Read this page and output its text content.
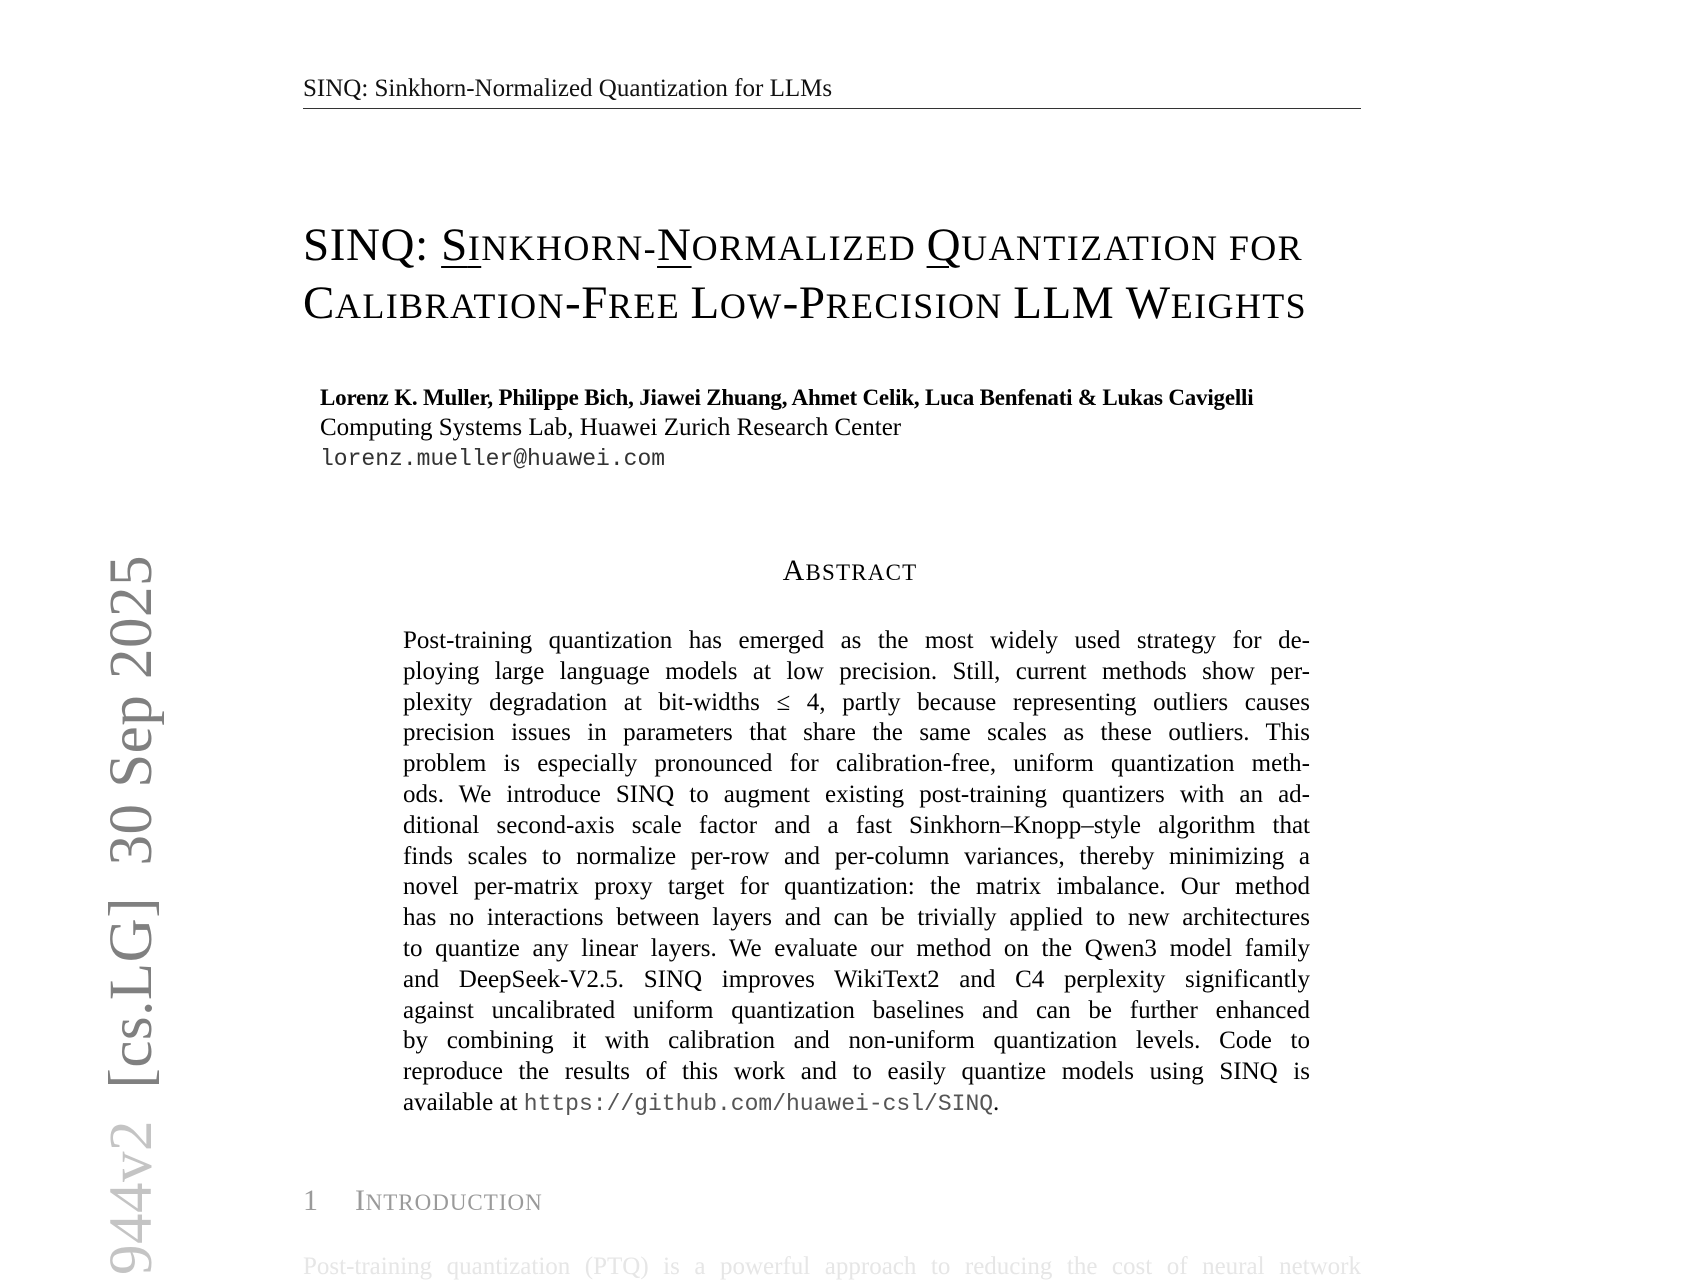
SINQ: Sinkhorn-Normalized Quantization for LLMs
SINQ: SINKHORN-NORMALIZED QUANTIZATION FOR
CALIBRATION-FREE LOW-PRECISION LLM WEIGHTS
Lorenz K. Muller, Philippe Bich, Jiawei Zhuang, Ahmet Celik, Luca Benfenati & Lukas Cavigelli
Computing Systems Lab, Huawei Zurich Research Center
lorenz.mueller@huawei.com
ABSTRACT
Post-training quantization has emerged as the most widely used strategy for de-
ploying large language models at low precision. Still, current methods show per-
plexity degradation at bit-widths ≤ 4, partly because representing outliers causes
precision issues in parameters that share the same scales as these outliers. This
problem is especially pronounced for calibration-free, uniform quantization meth-
ods. We introduce SINQ to augment existing post-training quantizers with an ad-
ditional second-axis scale factor and a fast Sinkhorn–Knopp–style algorithm that
finds scales to normalize per-row and per-column variances, thereby minimizing a
novel per-matrix proxy target for quantization: the matrix imbalance. Our method
has no interactions between layers and can be trivially applied to new architectures
to quantize any linear layers. We evaluate our method on the Qwen3 model family
and DeepSeek-V2.5. SINQ improves WikiText2 and C4 perplexity significantly
against uncalibrated uniform quantization baselines and can be further enhanced
by combining it with calibration and non-uniform quantization levels. Code to
reproduce the results of this work and to easily quantize models using SINQ is
available at https://github.com/huawei-csl/SINQ.
1 INTRODUCTION
Post-training quantization (PTQ) is a powerful approach to reducing the cost of neural network
944v2  [cs.LG]  30 Sep 2025
